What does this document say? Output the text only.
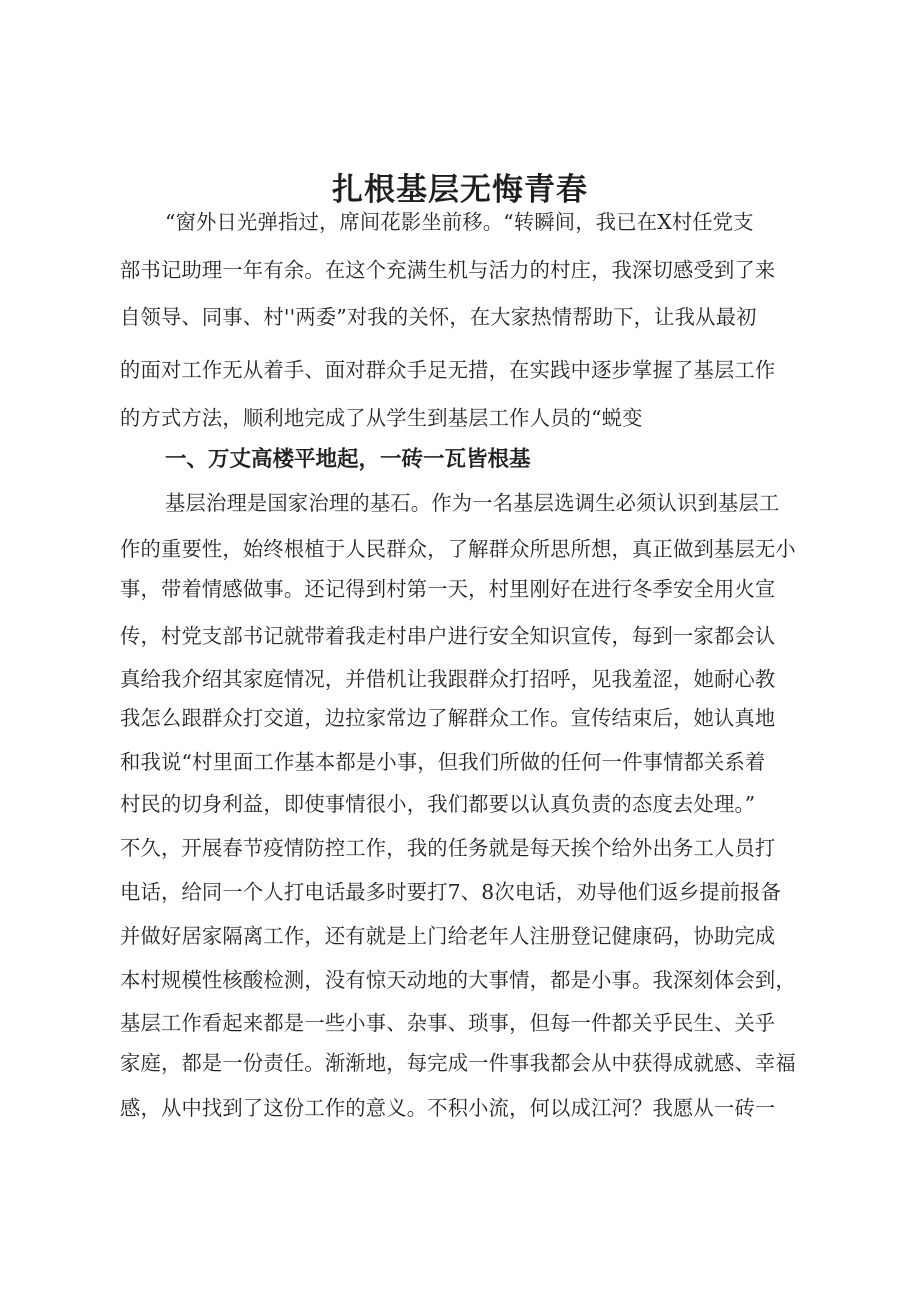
扎根基层无悔青春
“窗外日光弹指过，席间花影坐前移。“转瞬间，我已在X村任党支
部书记助理一年有余。在这个充满生机与活力的村庄，我深切感受到了来
自领导、同事、村''两委”对我的关怀，在大家热情帮助下，让我从最初
的面对工作无从着手、面对群众手足无措，在实践中逐步掌握了基层工作
的方式方法，顺利地完成了从学生到基层工作人员的“蜕变
一、万丈高楼平地起，一砖一瓦皆根基
基层治理是国家治理的基石。作为一名基层选调生必须认识到基层工
作的重要性，始终根植于人民群众，了解群众所思所想，真正做到基层无小
事，带着情感做事。还记得到村第一天，村里刚好在进行冬季安全用火宣
传，村党支部书记就带着我走村串户进行安全知识宣传，每到一家都会认
真给我介绍其家庭情况，并借机让我跟群众打招呼，见我羞涩，她耐心教
我怎么跟群众打交道，边拉家常边了解群众工作。宣传结束后，她认真地
和我说“村里面工作基本都是小事，但我们所做的任何一件事情都关系着
村民的切身利益，即使事情很小，我们都要以认真负责的态度去处理。”
不久，开展春节疫情防控工作，我的任务就是每天挨个给外出务工人员打
电话，给同一个人打电话最多时要打7、8次电话，劝导他们返乡提前报备
并做好居家隔离工作，还有就是上门给老年人注册登记健康码，协助完成
本村规模性核酸检测，没有惊天动地的大事情，都是小事。我深刻体会到，
基层工作看起来都是一些小事、杂事、琐事，但每一件都关乎民生、关乎
家庭，都是一份责任。渐渐地，每完成一件事我都会从中获得成就感、幸福
感，从中找到了这份工作的意义。不积小流，何以成江河？我愿从一砖一
